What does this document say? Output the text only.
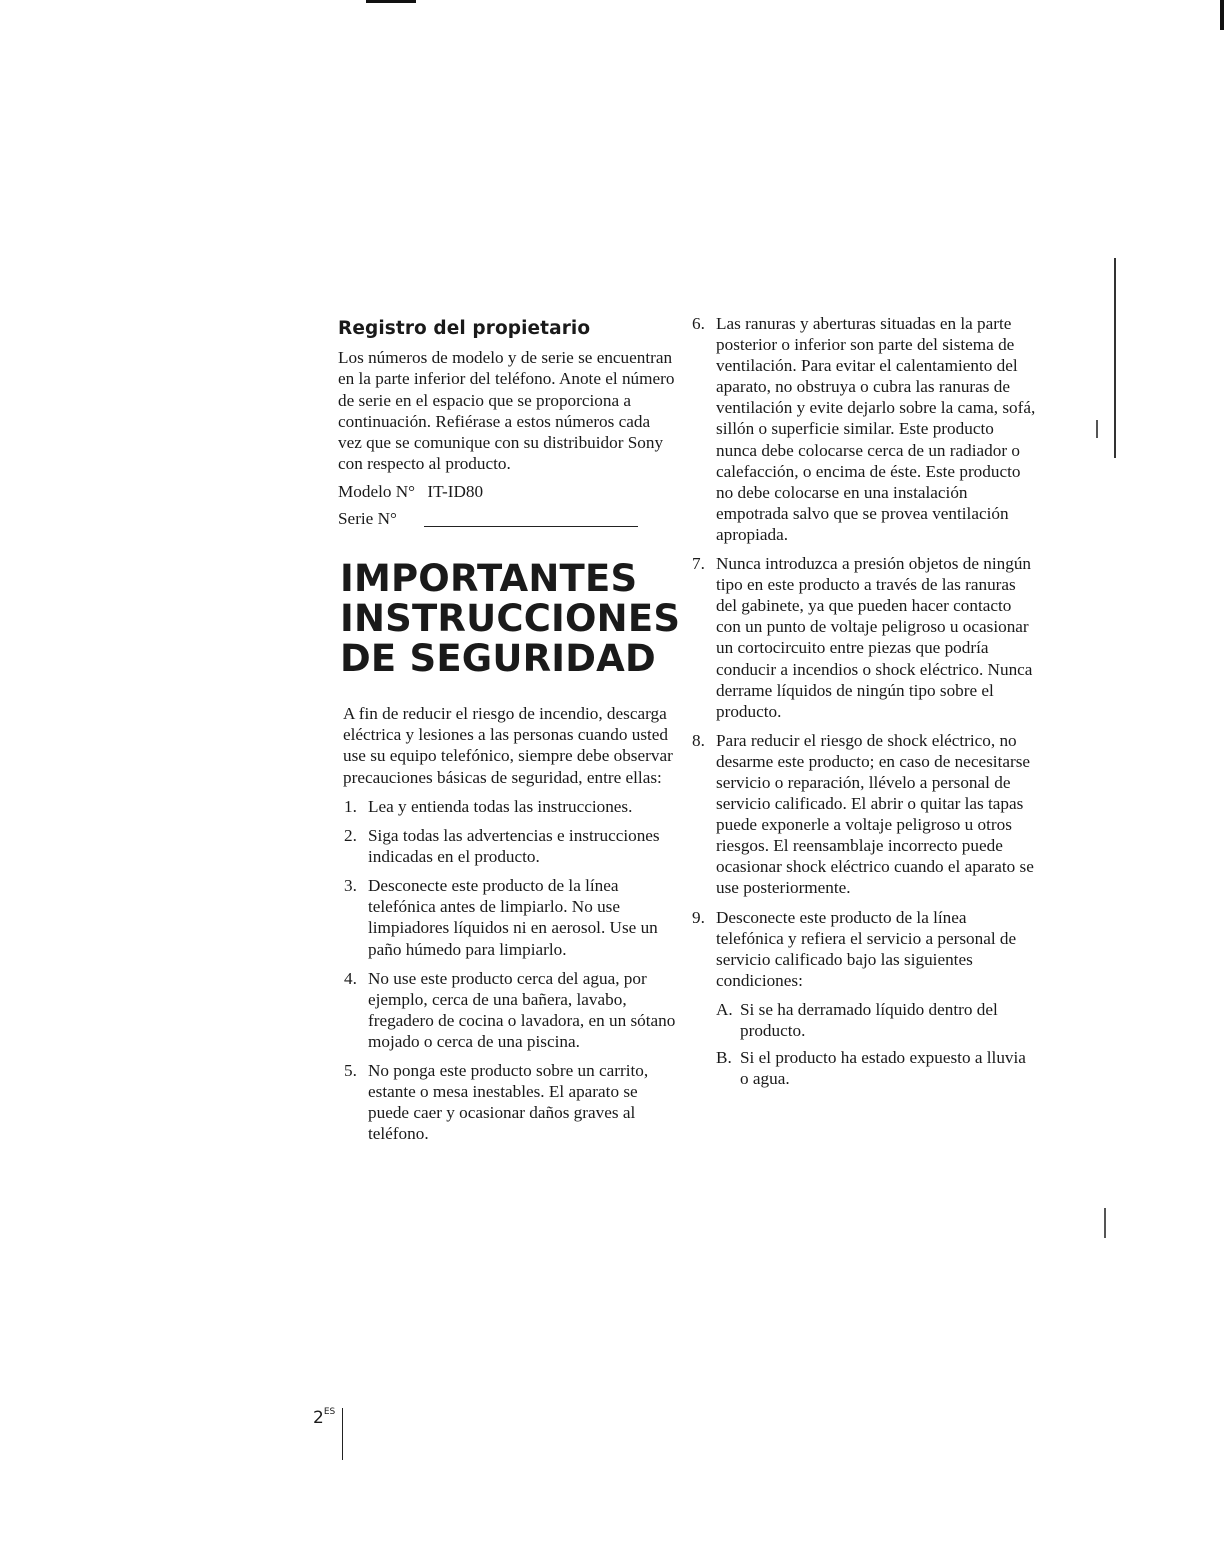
Registro del propietario

Los números de modelo y de serie se encuentran en la parte inferior del teléfono. Anote el número de serie en el espacio que se proporciona a continuación. Refiérase a estos números cada vez que se comunique con su distribuidor Sony con respecto al producto.

Modelo N° IT-ID80
Serie N°
IMPORTANTES
INSTRUCCIONES
DE SEGURIDAD

A fin de reducir el riesgo de incendio, descarga eléctrica y lesiones a las personas cuando usted use su equipo telefónico, siempre debe observar precauciones básicas de seguridad, entre ellas:

1. Lea y entienda todas las instrucciones.
2. Siga todas las advertencias e instrucciones indicadas en el producto.
3. Desconecte este producto de la línea telefónica antes de limpiarlo. No use limpiadores líquidos ni en aerosol. Use un paño húmedo para limpiarlo.
4. No use este producto cerca del agua, por ejemplo, cerca de una bañera, lavabo, fregadero de cocina o lavadora, en un sótano mojado o cerca de una piscina.
5. No ponga este producto sobre un carrito, estante o mesa inestables. El aparato se puede caer y ocasionar daños graves al teléfono.
6. Las ranuras y aberturas situadas en la parte posterior o inferior son parte del sistema de ventilación. Para evitar el calentamiento del aparato, no obstruya o cubra las ranuras de ventilación y evite dejarlo sobre la cama, sofá, sillón o superficie similar. Este producto nunca debe colocarse cerca de un radiador o calefacción, o encima de éste. Este producto no debe colocarse en una instalación empotrada salvo que se provea ventilación apropiada.
7. Nunca introduzca a presión objetos de ningún tipo en este producto a través de las ranuras del gabinete, ya que pueden hacer contacto con un punto de voltaje peligroso u ocasionar un cortocircuito entre piezas que podría conducir a incendios o shock eléctrico. Nunca derrame líquidos de ningún tipo sobre el producto.
8. Para reducir el riesgo de shock eléctrico, no desarme este producto; en caso de necesitarse servicio o reparación, llévelo a personal de servicio calificado. El abrir o quitar las tapas puede exponerle a voltaje peligroso u otros riesgos. El reensamblaje incorrecto puede ocasionar shock eléctrico cuando el aparato se use posteriormente.
9. Desconecte este producto de la línea telefónica y refiera el servicio a personal de servicio calificado bajo las siguientes condiciones:
A. Si se ha derramado líquido dentro del producto.
B. Si el producto ha estado expuesto a lluvia o agua.
$2^{ES}$
